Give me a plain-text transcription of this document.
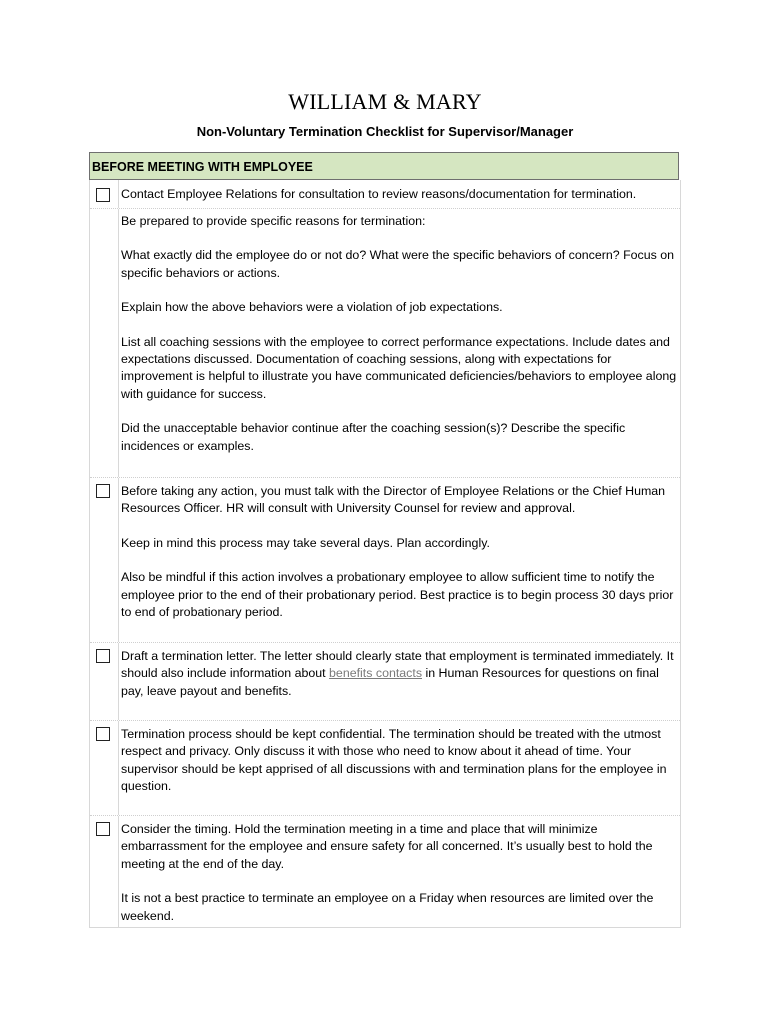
WILLIAM & MARY
Non-Voluntary Termination Checklist for Supervisor/Manager
BEFORE MEETING WITH EMPLOYEE

Contact Employee Relations for consultation to review reasons/documentation for termination.

Be prepared to provide specific reasons for termination:

What exactly did the employee do or not do? What were the specific behaviors of concern? Focus on specific behaviors or actions.

Explain how the above behaviors were a violation of job expectations.

List all coaching sessions with the employee to correct performance expectations. Include dates and expectations discussed. Documentation of coaching sessions, along with expectations for improvement is helpful to illustrate you have communicated deficiencies/behaviors to employee along with guidance for success.

Did the unacceptable behavior continue after the coaching session(s)? Describe the specific incidences or examples.

Before taking any action, you must talk with the Director of Employee Relations or the Chief Human Resources Officer. HR will consult with University Counsel for review and approval.

Keep in mind this process may take several days. Plan accordingly.

Also be mindful if this action involves a probationary employee to allow sufficient time to notify the employee prior to the end of their probationary period. Best practice is to begin process 30 days prior to end of probationary period.

Draft a termination letter. The letter should clearly state that employment is terminated immediately. It should also include information about benefits contacts in Human Resources for questions on final pay, leave payout and benefits.

Termination process should be kept confidential. The termination should be treated with the utmost respect and privacy. Only discuss it with those who need to know about it ahead of time. Your supervisor should be kept apprised of all discussions with and termination plans for the employee in question.

Consider the timing. Hold the termination meeting in a time and place that will minimize embarrassment for the employee and ensure safety for all concerned. It’s usually best to hold the meeting at the end of the day.

It is not a best practice to terminate an employee on a Friday when resources are limited over the weekend.
